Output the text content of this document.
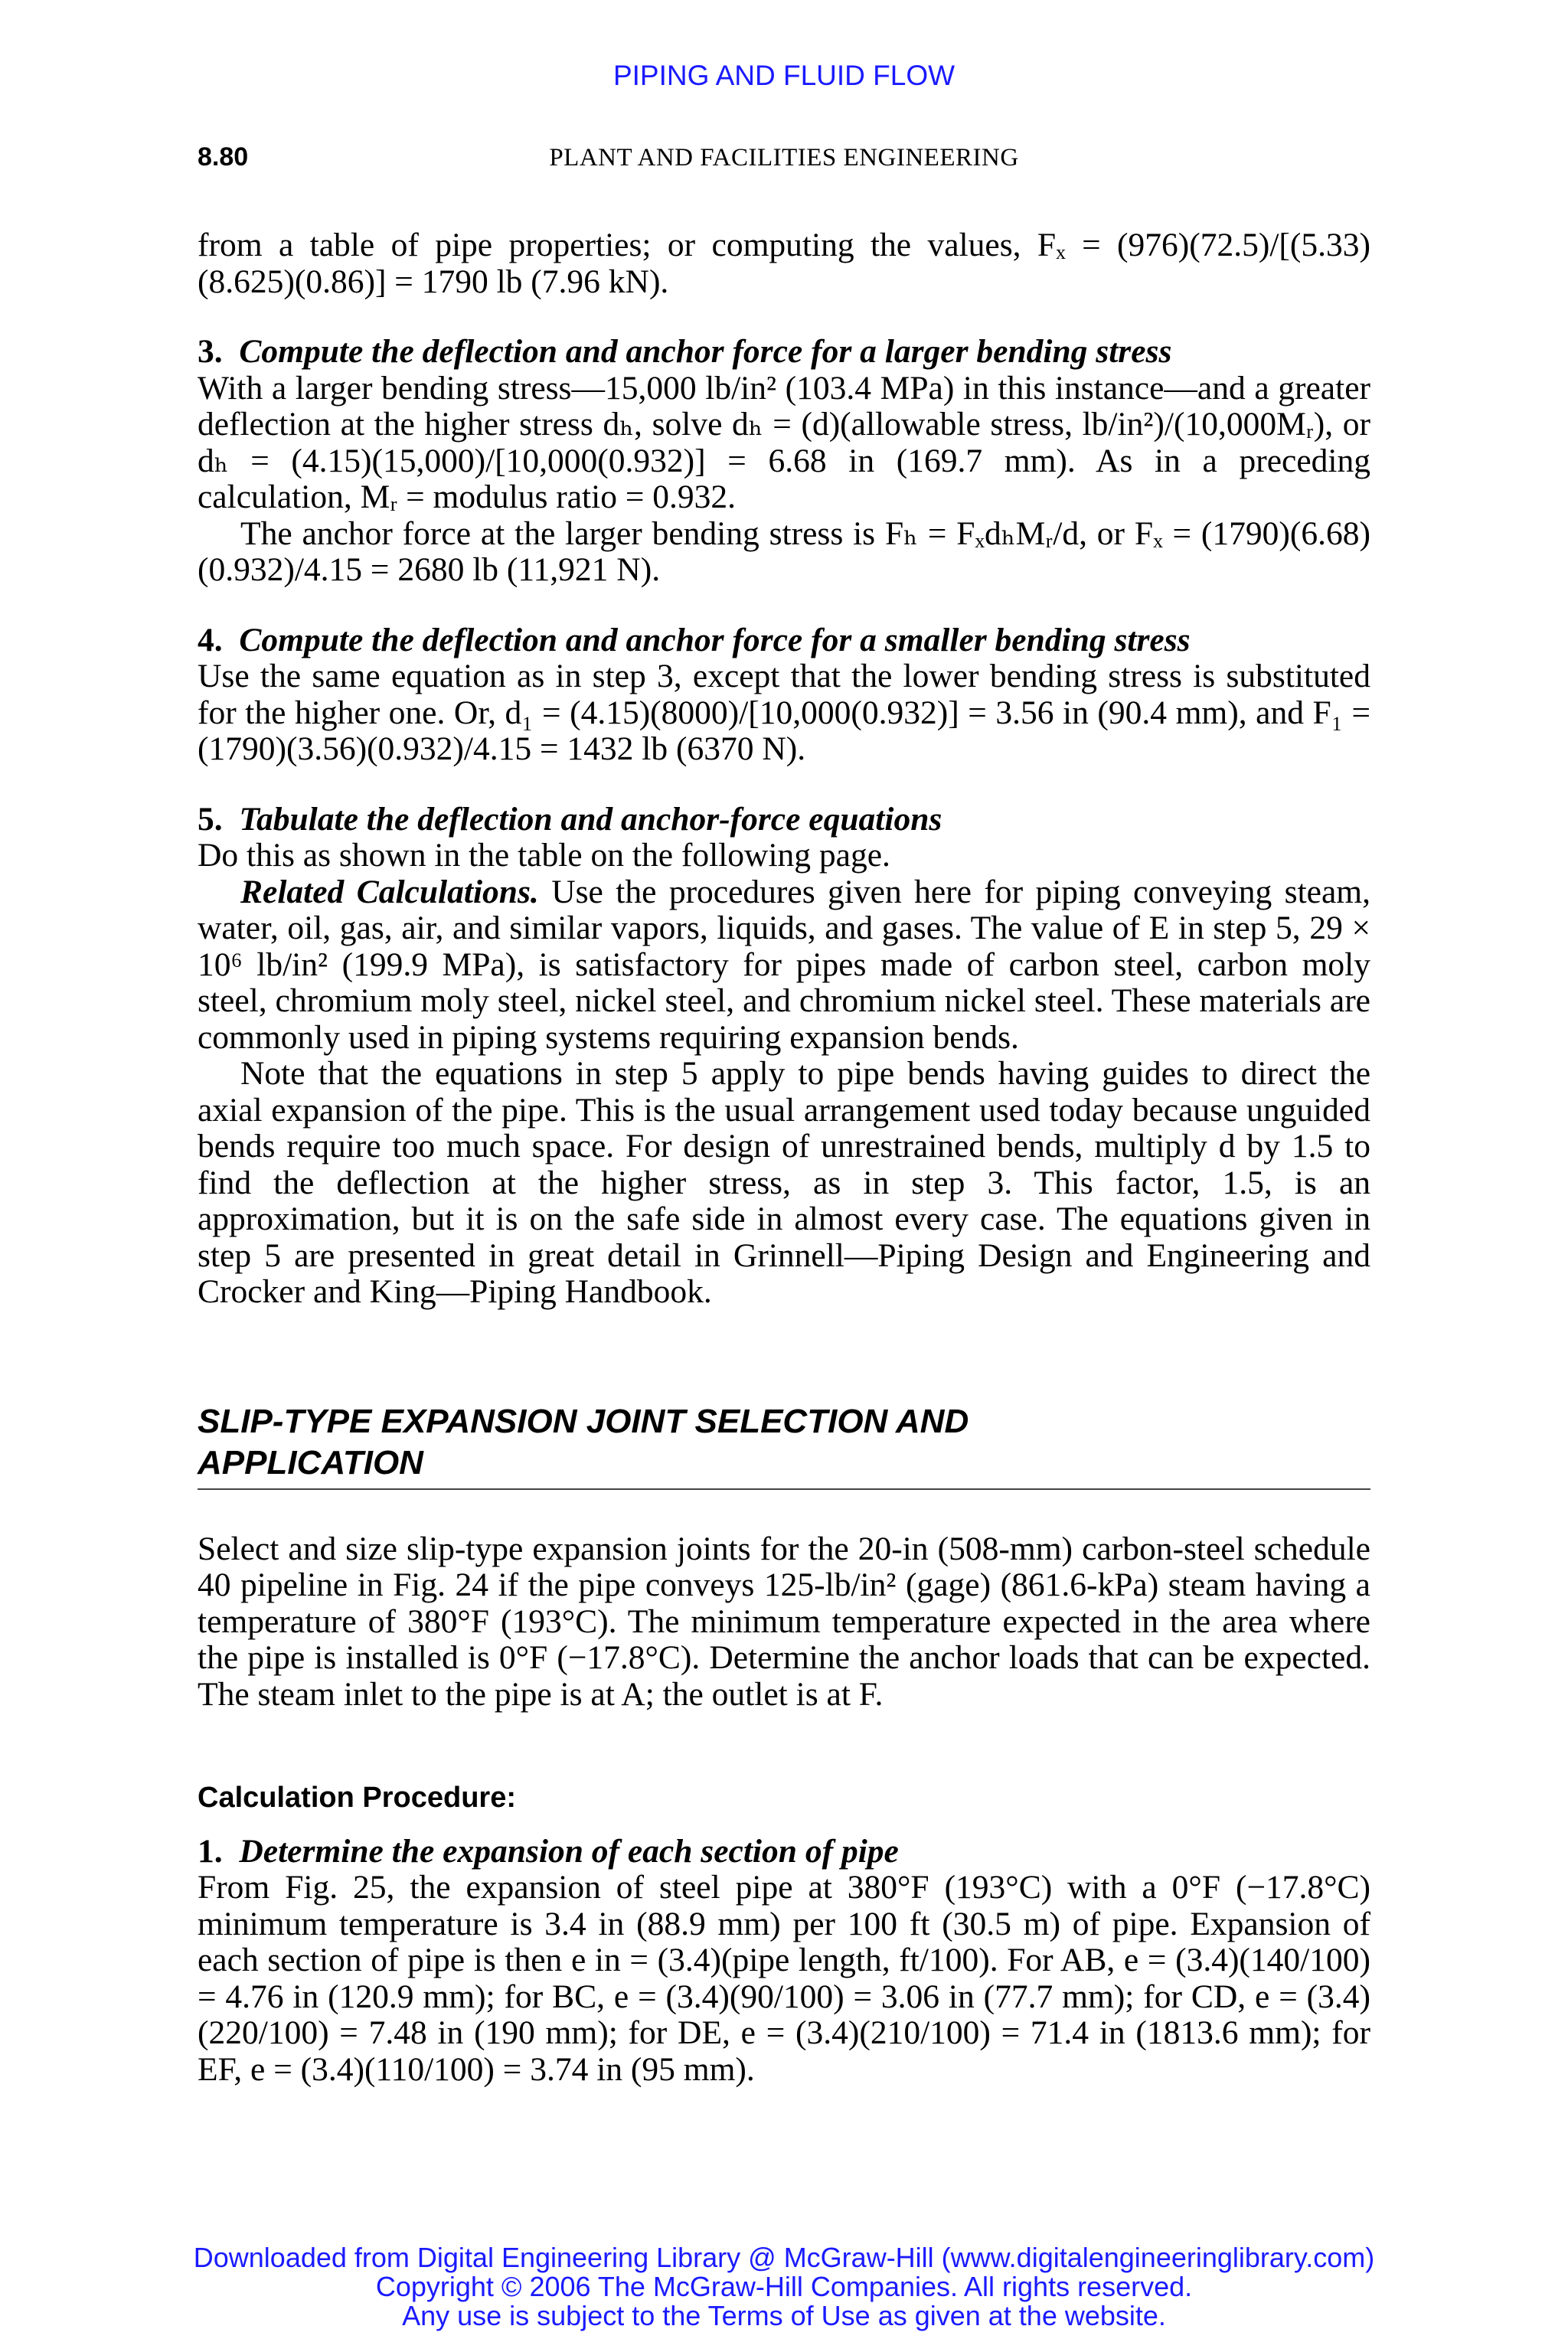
PIPING AND FLUID FLOW
8.80	PLANT AND FACILITIES ENGINEERING

from a table of pipe properties; or computing the values, Fₓ = (976)(72.5)/[(5.33)(8.625)(0.86)] = 1790 lb (7.96 kN).

3. Compute the deflection and anchor force for a larger bending stress

With a larger bending stress—15,000 lb/in² (103.4 MPa) in this instance—and a greater deflection at the higher stress dₕ, solve dₕ = (d)(allowable stress, lb/in²)/(10,000Mᵣ), or dₕ = (4.15)(15,000)/[10,000(0.932)] = 6.68 in (169.7 mm). As in a preceding calculation, Mᵣ = modulus ratio = 0.932.

The anchor force at the larger bending stress is Fₕ = FₓdₕMᵣ/d, or Fₓ = (1790)(6.68)(0.932)/4.15 = 2680 lb (11,921 N).

4. Compute the deflection and anchor force for a smaller bending stress

Use the same equation as in step 3, except that the lower bending stress is substituted for the higher one. Or, d₁ = (4.15)(8000)/[10,000(0.932)] = 3.56 in (90.4 mm), and F₁ = (1790)(3.56)(0.932)/4.15 = 1432 lb (6370 N).

5. Tabulate the deflection and anchor-force equations

Do this as shown in the table on the following page.

Related Calculations. Use the procedures given here for piping conveying steam, water, oil, gas, air, and similar vapors, liquids, and gases. The value of E in step 5, 29 × 10⁶ lb/in² (199.9 MPa), is satisfactory for pipes made of carbon steel, carbon moly steel, chromium moly steel, nickel steel, and chromium nickel steel. These materials are commonly used in piping systems requiring expansion bends.

Note that the equations in step 5 apply to pipe bends having guides to direct the axial expansion of the pipe. This is the usual arrangement used today because unguided bends require too much space. For design of unrestrained bends, multiply d by 1.5 to find the deflection at the higher stress, as in step 3. This factor, 1.5, is an approximation, but it is on the safe side in almost every case. The equations given in step 5 are presented in great detail in Grinnell—Piping Design and Engineering and Crocker and King—Piping Handbook.

SLIP-TYPE EXPANSION JOINT SELECTION AND
APPLICATION

Select and size slip-type expansion joints for the 20-in (508-mm) carbon-steel schedule 40 pipeline in Fig. 24 if the pipe conveys 125-lb/in² (gage) (861.6-kPa) steam having a temperature of 380°F (193°C). The minimum temperature expected in the area where the pipe is installed is 0°F (−17.8°C). Determine the anchor loads that can be expected. The steam inlet to the pipe is at A; the outlet is at F.

Calculation Procedure:

1. Determine the expansion of each section of pipe

From Fig. 25, the expansion of steel pipe at 380°F (193°C) with a 0°F (−17.8°C) minimum temperature is 3.4 in (88.9 mm) per 100 ft (30.5 m) of pipe. Expansion of each section of pipe is then e in = (3.4)(pipe length, ft/100). For AB, e = (3.4)(140/100) = 4.76 in (120.9 mm); for BC, e = (3.4)(90/100) = 3.06 in (77.7 mm); for CD, e = (3.4)(220/100) = 7.48 in (190 mm); for DE, e = (3.4)(210/100) = 71.4 in (1813.6 mm); for EF, e = (3.4)(110/100) = 3.74 in (95 mm).

Downloaded from Digital Engineering Library @ McGraw-Hill (www.digitalengineeringlibrary.com)
Copyright © 2006 The McGraw-Hill Companies. All rights reserved.
Any use is subject to the Terms of Use as given at the website.
